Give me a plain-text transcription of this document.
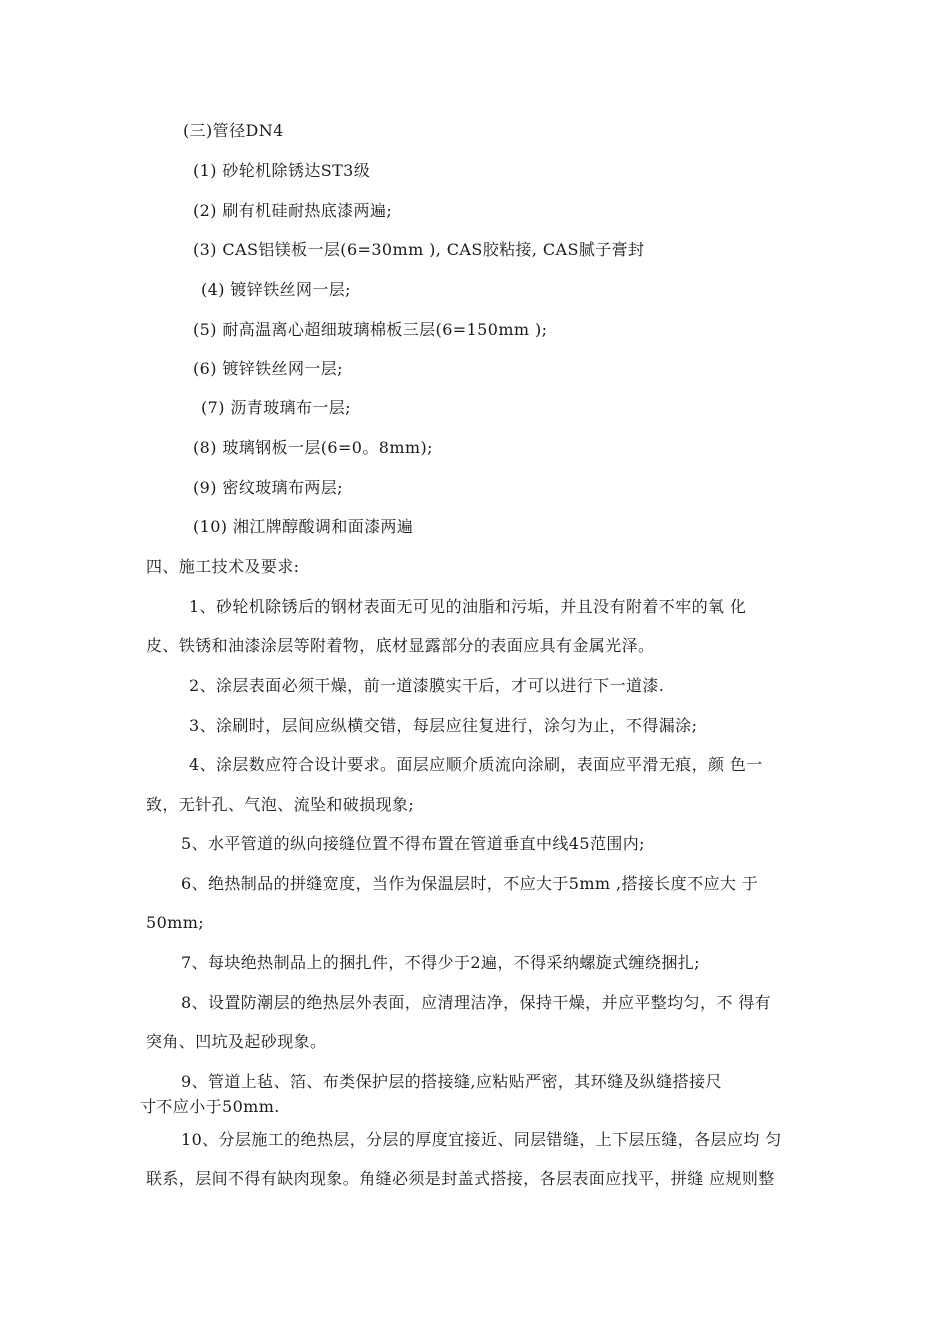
(三)管径DN4
(1) 砂轮机除锈达ST3级
(2) 刷有机硅耐热底漆两遍;
(3) CAS铝镁板一层(6=30mm ), CAS胶粘接, CAS腻子膏封
(4) 镀锌铁丝网一层;
(5) 耐高温离心超细玻璃棉板三层(6=150mm );
(6) 镀锌铁丝网一层;
(7) 沥青玻璃布一层;
(8) 玻璃钢板一层(6=0。8mm);
(9) 密纹玻璃布两层;
(10) 湘江牌醇酸调和面漆两遍
四、施工技术及要求:
1、砂轮机除锈后的钢材表面无可见的油脂和污垢，并且没有附着不牢的氧 化
皮、铁锈和油漆涂层等附着物，底材显露部分的表面应具有金属光泽。
2、涂层表面必须干燥，前一道漆膜实干后，才可以进行下一道漆.
3、涂刷时，层间应纵横交错，每层应往复进行，涂匀为止，不得漏涂;
4、涂层数应符合设计要求。面层应顺介质流向涂刷，表面应平滑无痕，颜 色一
致，无针孔、气泡、流坠和破损现象;
5、水平管道的纵向接缝位置不得布置在管道垂直中线45范围内;
6、绝热制品的拼缝宽度，当作为保温层时，不应大于5mm ,搭接长度不应大 于
50mm;
7、每块绝热制品上的捆扎件，不得少于2遍，不得采纳螺旋式缠绕捆扎;
8、设置防潮层的绝热层外表面，应清理洁净，保持干燥，并应平整均匀，不 得有
突角、凹坑及起砂现象。
9、管道上毡、箔、布类保护层的搭接缝,应粘贴严密，其环缝及纵缝搭接尺
寸不应小于50mm.
10、分层施工的绝热层，分层的厚度宜接近、同层错缝，上下层压缝，各层应均 匀
联系，层间不得有缺肉现象。角缝必须是封盖式搭接，各层表面应找平，拼缝 应规则整
